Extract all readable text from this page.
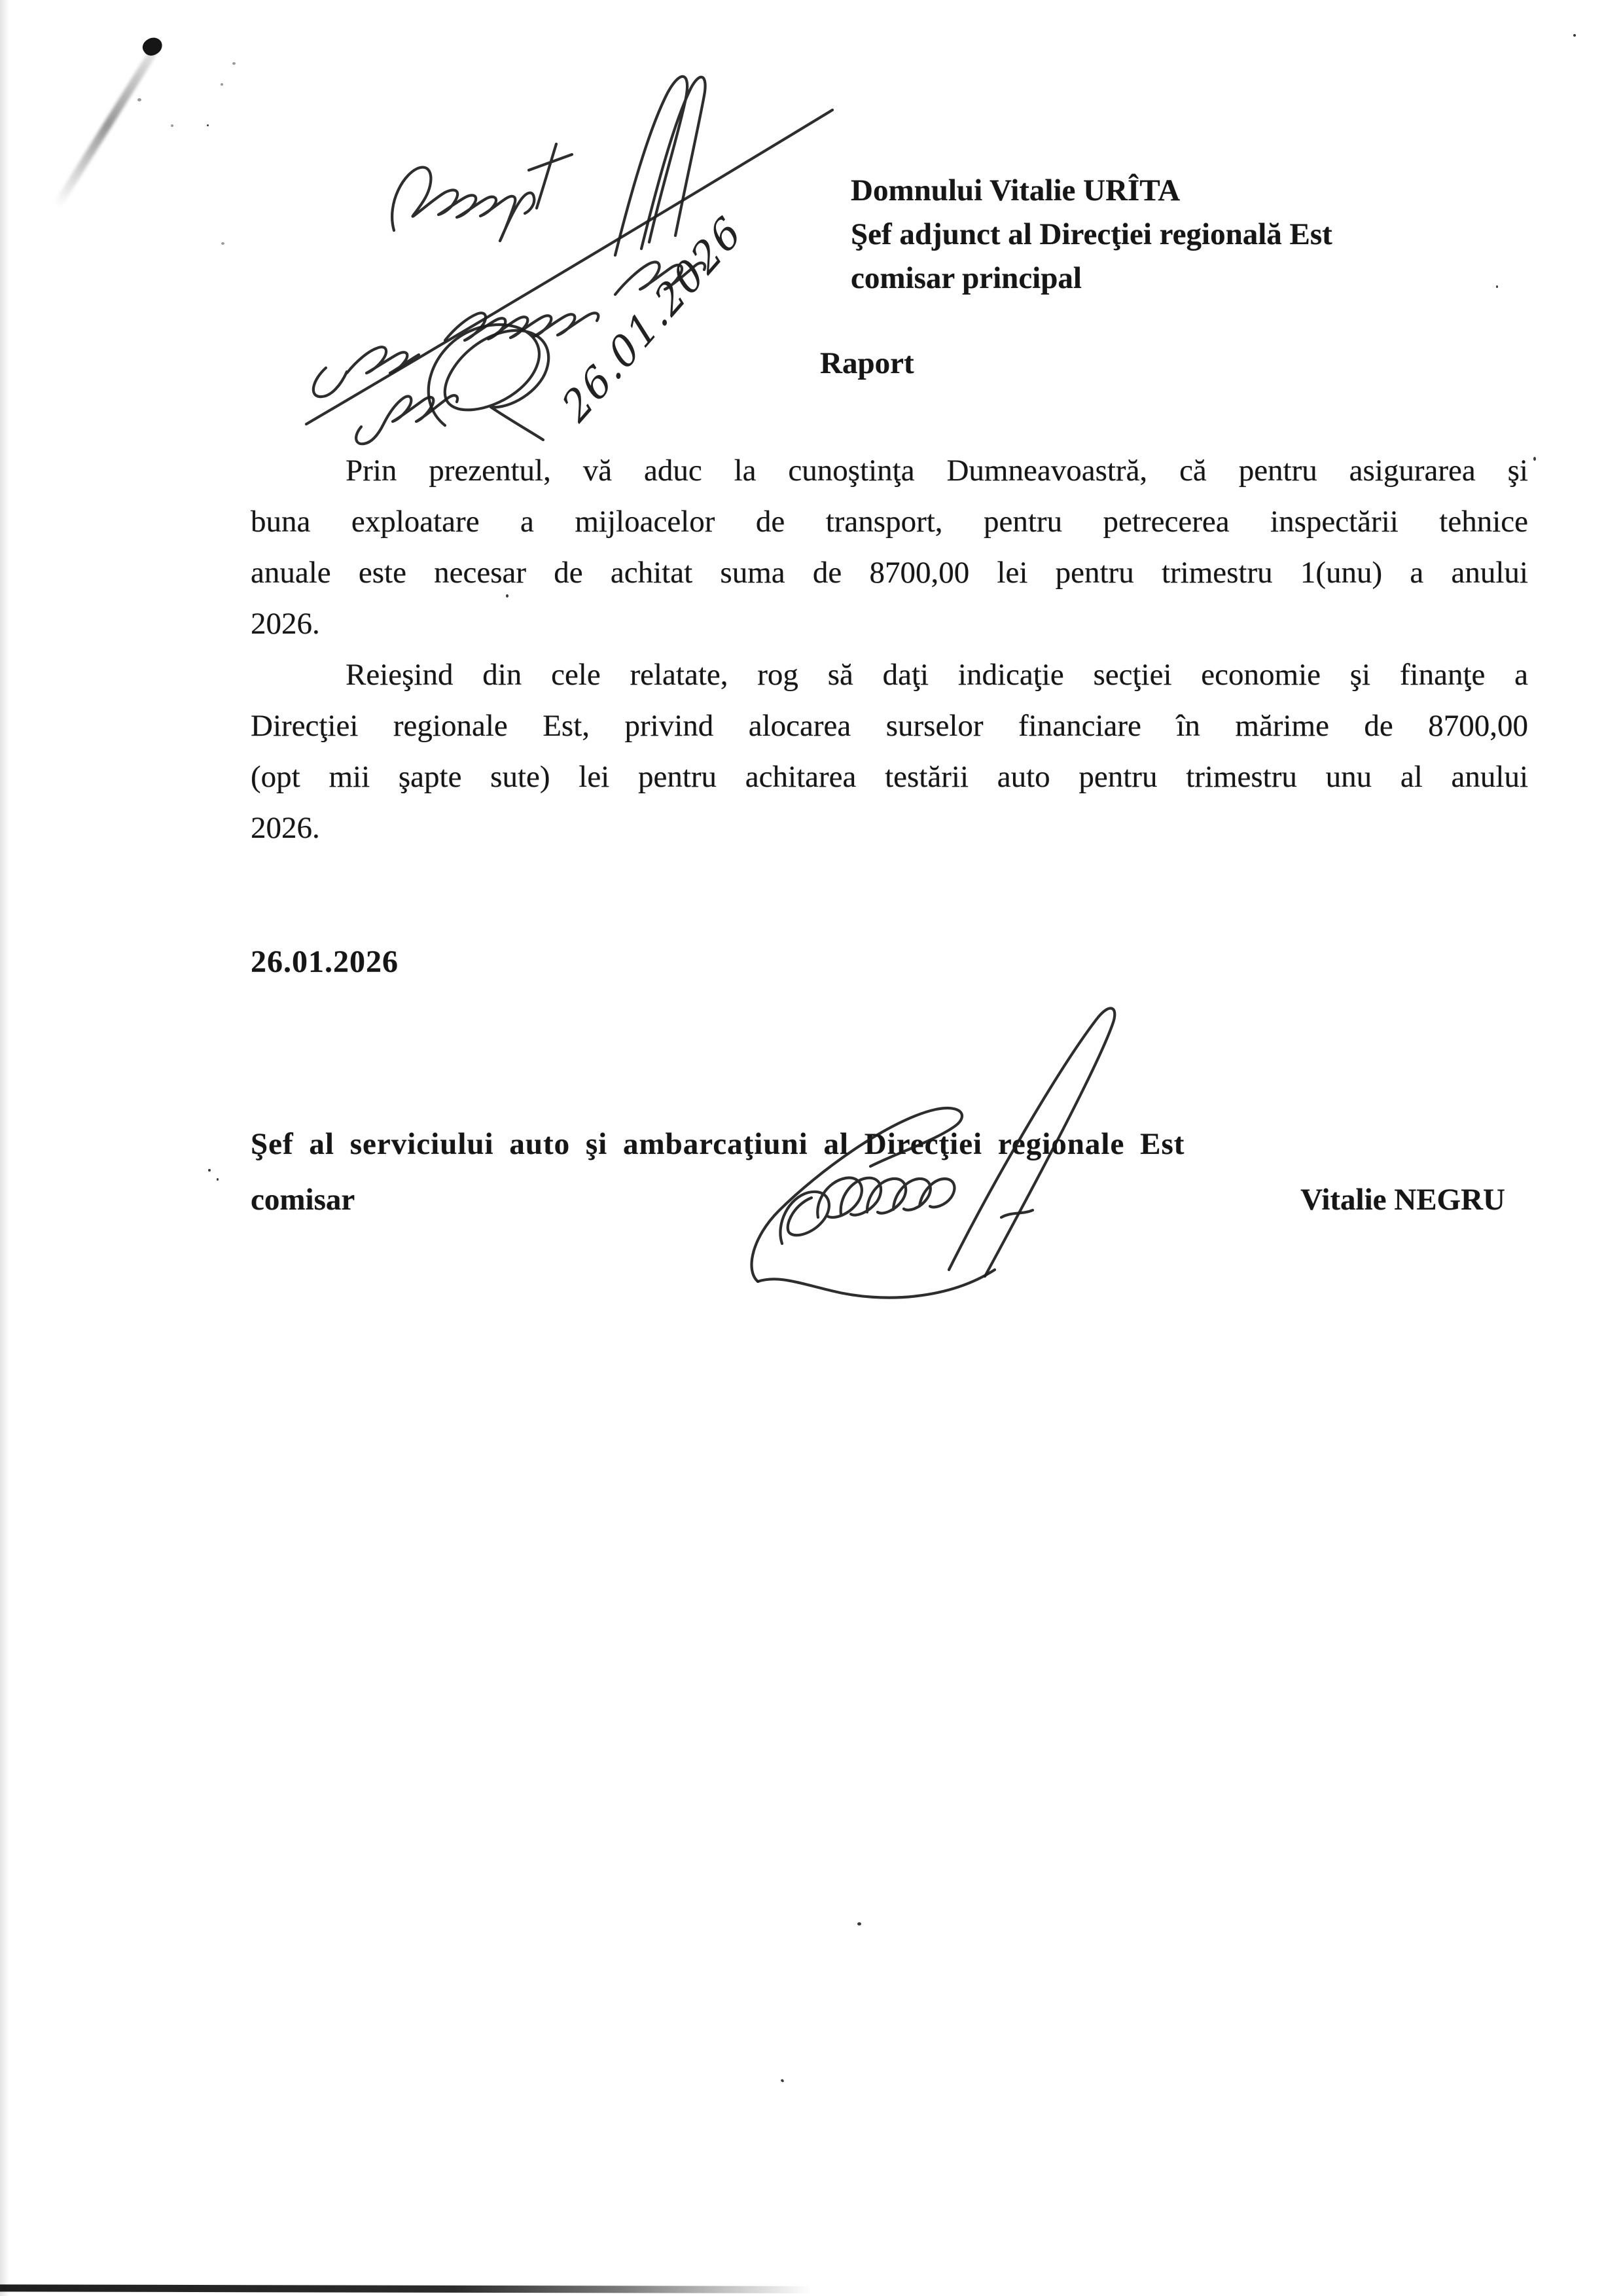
26.01.2026
Domnului Vitalie URÎTA
Şef adjunct al Direcţiei regională Est
comisar principal
Raport
Prin prezentul, vă aduc la cunoştinţa Dumneavoastră, că pentru asigurarea şi
buna exploatare a mijloacelor de transport, pentru petrecerea inspectării tehnice
anuale este necesar de achitat suma de 8700,00 lei pentru trimestru 1(unu) a anului
2026.
Reieşind din cele relatate, rog să daţi indicaţie secţiei economie şi finanţe a
Direcţiei regionale Est, privind alocarea surselor financiare în mărime de 8700,00
(opt mii şapte sute) lei pentru achitarea testării auto pentru trimestru unu al anului
2026.
26.01.2026
Şef al serviciului auto şi ambarcaţiuni al Direcţiei regionale Est
comisar	Vitalie NEGRU
